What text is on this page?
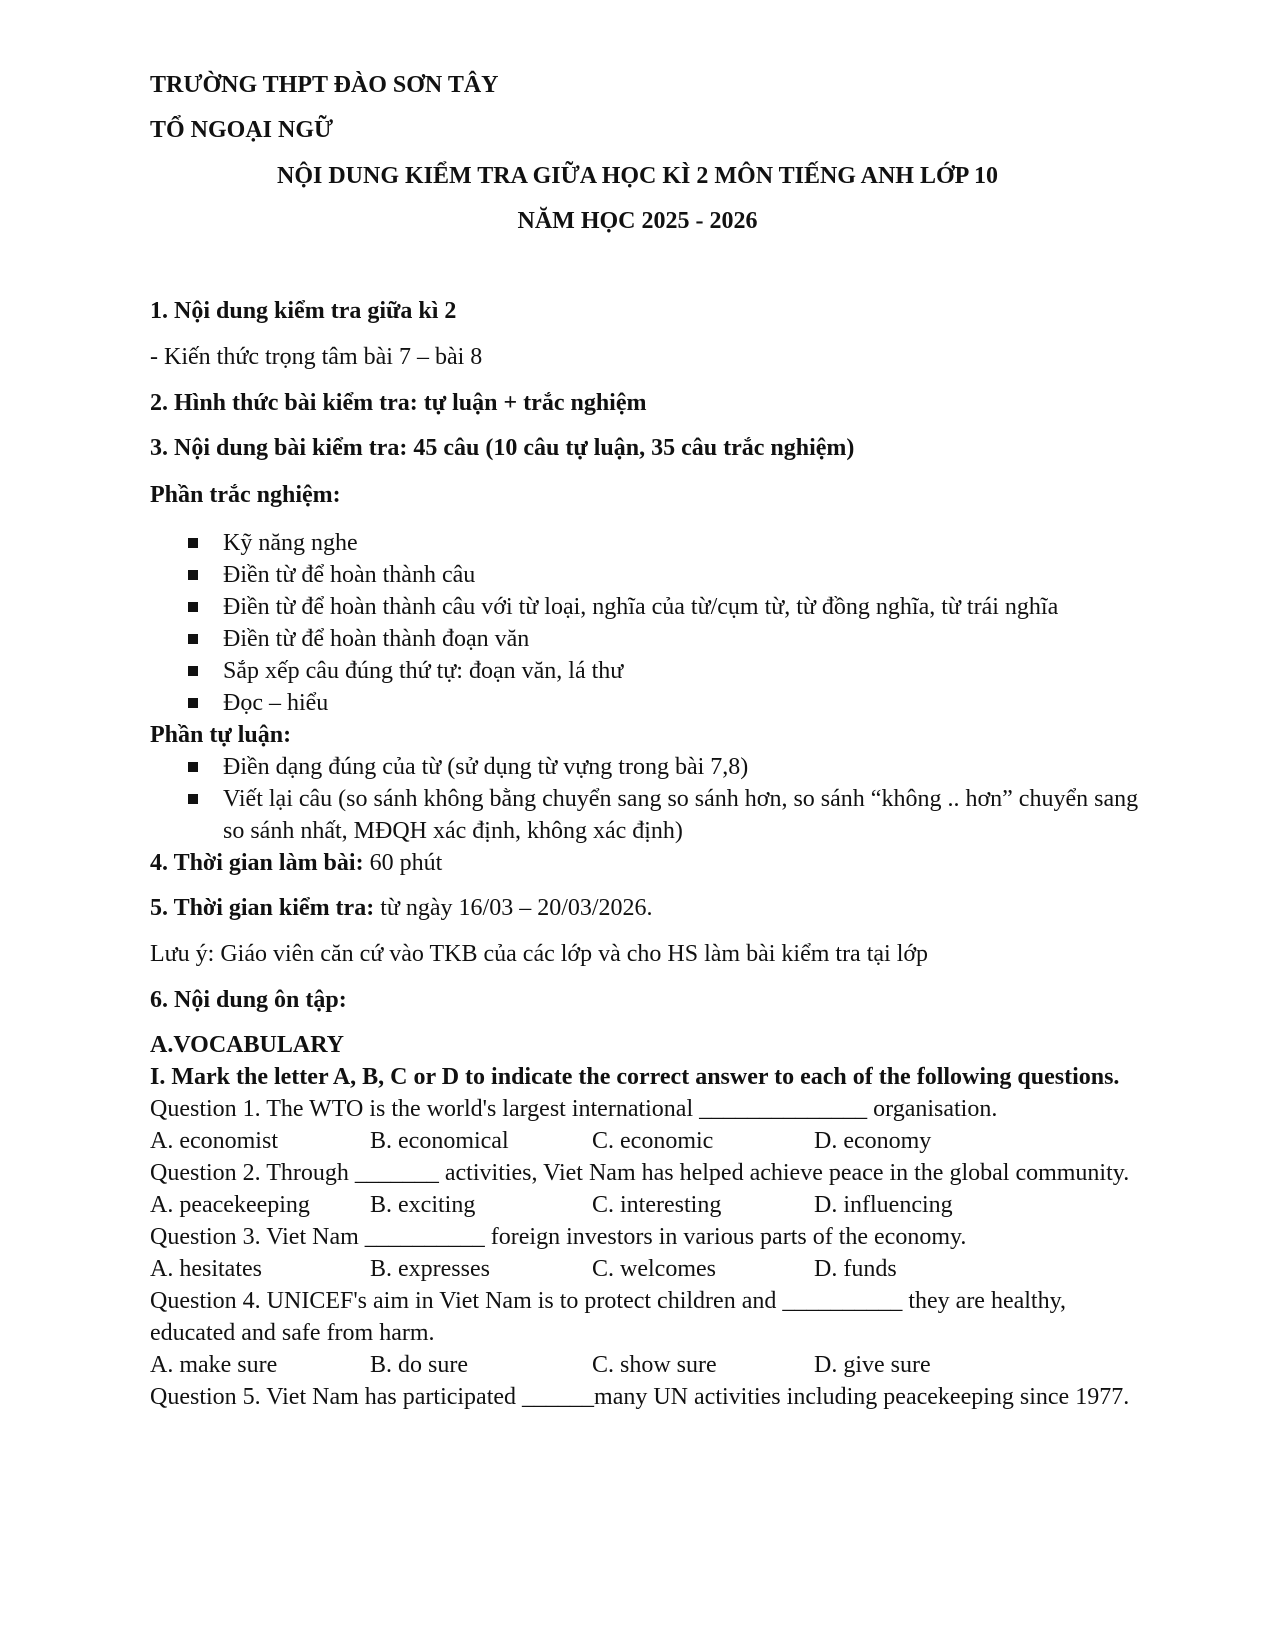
TRƯỜNG THPT ĐÀO SƠN TÂY
TỔ NGOẠI NGỮ
NỘI DUNG KIỂM TRA GIỮA HỌC KÌ 2 MÔN TIẾNG ANH LỚP 10
NĂM HỌC 2025 - 2026
1. Nội dung kiểm tra giữa kì 2
- Kiến thức trọng tâm bài 7 – bài 8
2. Hình thức bài kiểm tra: tự luận + trắc nghiệm
3. Nội dung bài kiểm tra: 45 câu (10 câu tự luận, 35 câu trắc nghiệm)
Phần trắc nghiệm:
Kỹ năng nghe
Điền từ để hoàn thành câu
Điền từ để hoàn thành câu với từ loại, nghĩa của từ/cụm từ, từ đồng nghĩa, từ trái nghĩa
Điền từ để hoàn thành đoạn văn
Sắp xếp câu đúng thứ tự: đoạn văn, lá thư
Đọc – hiểu
Phần tự luận:
Điền dạng đúng của từ (sử dụng từ vựng trong bài 7,8)
Viết lại câu (so sánh không bằng chuyển sang so sánh hơn, so sánh “không .. hơn” chuyển sang
so sánh nhất, MĐQH xác định, không xác định)
4. Thời gian làm bài: 60 phút
5. Thời gian kiểm tra: từ ngày 16/03 – 20/03/2026.
Lưu ý: Giáo viên căn cứ vào TKB của các lớp và cho HS làm bài kiểm tra tại lớp
6. Nội dung ôn tập:
A.VOCABULARY
I. Mark the letter A, B, C or D to indicate the correct answer to each of the following questions.
Question 1. The WTO is the world's largest international ______________ organisation.
A. economist	B. economical	C. economic	D. economy
Question 2. Through _______ activities, Viet Nam has helped achieve peace in the global community.
A. peacekeeping	B. exciting	C. interesting	D. influencing
Question 3. Viet Nam __________ foreign investors in various parts of the economy.
A. hesitates	B. expresses	C. welcomes	D. funds
Question 4. UNICEF's aim in Viet Nam is to protect children and __________ they are healthy,
educated and safe from harm.
A. make sure	B. do sure	C. show sure	D. give sure
Question 5. Viet Nam has participated ______many UN activities including peacekeeping since 1977.
